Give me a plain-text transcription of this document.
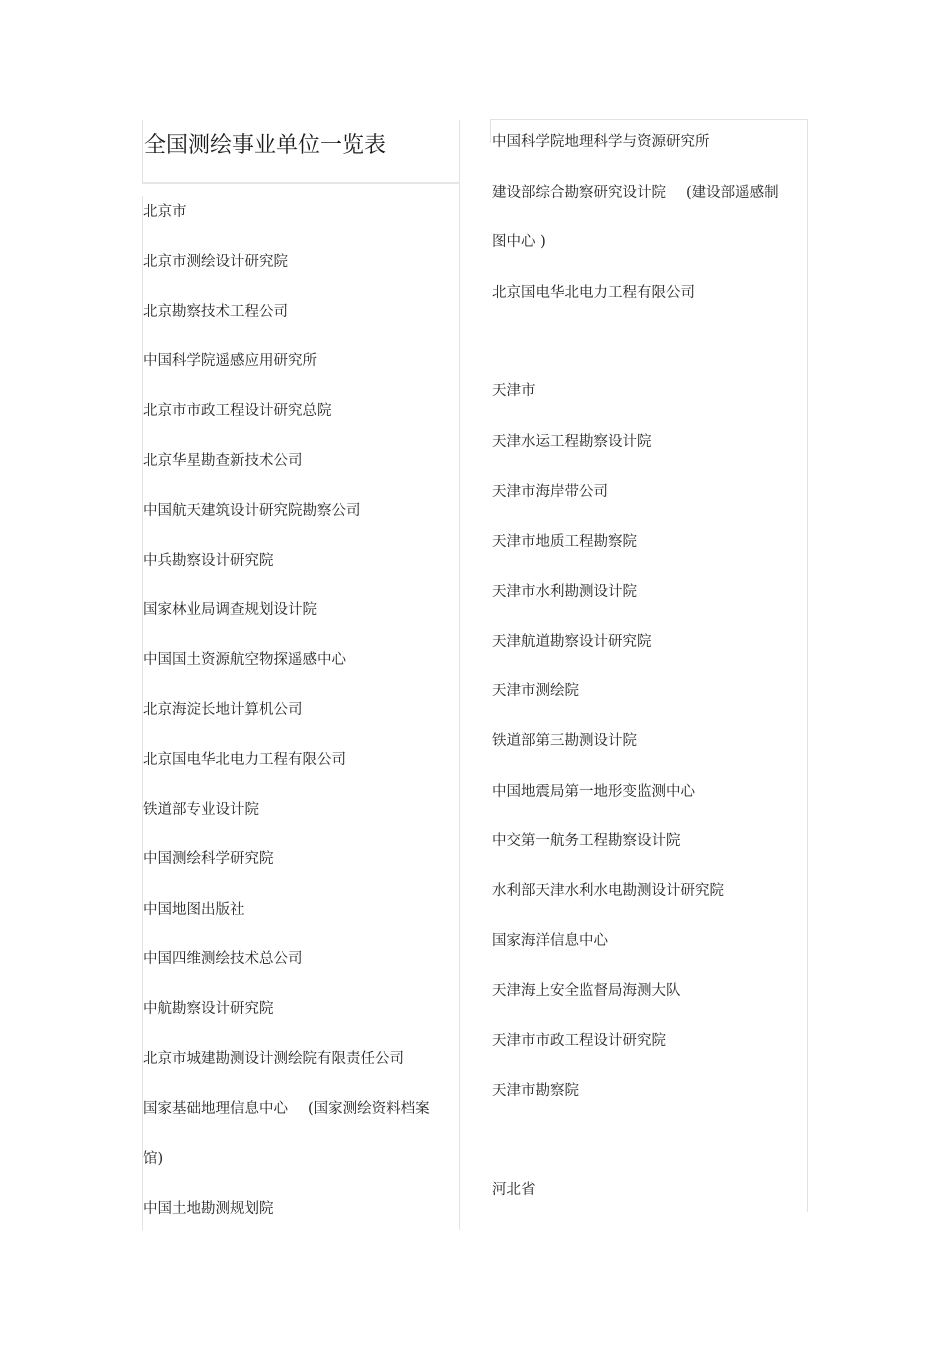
全国测绘事业单位一览表
北京市
北京市测绘设计研究院
北京勘察技术工程公司
中国科学院遥感应用研究所
北京市市政工程设计研究总院
北京华星勘查新技术公司
中国航天建筑设计研究院勘察公司
中兵勘察设计研究院
国家林业局调查规划设计院
中国国土资源航空物探遥感中心
北京海淀长地计算机公司
北京国电华北电力工程有限公司
铁道部专业设计院
中国测绘科学研究院
中国地图出版社
中国四维测绘技术总公司
中航勘察设计研究院
北京市城建勘测设计测绘院有限责任公司
国家基础地理信息中心 (国家测绘资料档案
馆)
中国土地勘测规划院
中国科学院地理科学与资源研究所
建设部综合勘察研究设计院 (建设部遥感制
图中心 )
北京国电华北电力工程有限公司
天津市
天津水运工程勘察设计院
天津市海岸带公司
天津市地质工程勘察院
天津市水利勘测设计院
天津航道勘察设计研究院
天津市测绘院
铁道部第三勘测设计院
中国地震局第一地形变监测中心
中交第一航务工程勘察设计院
水利部天津水利水电勘测设计研究院
国家海洋信息中心
天津海上安全监督局海测大队
天津市市政工程设计研究院
天津市勘察院
河北省
